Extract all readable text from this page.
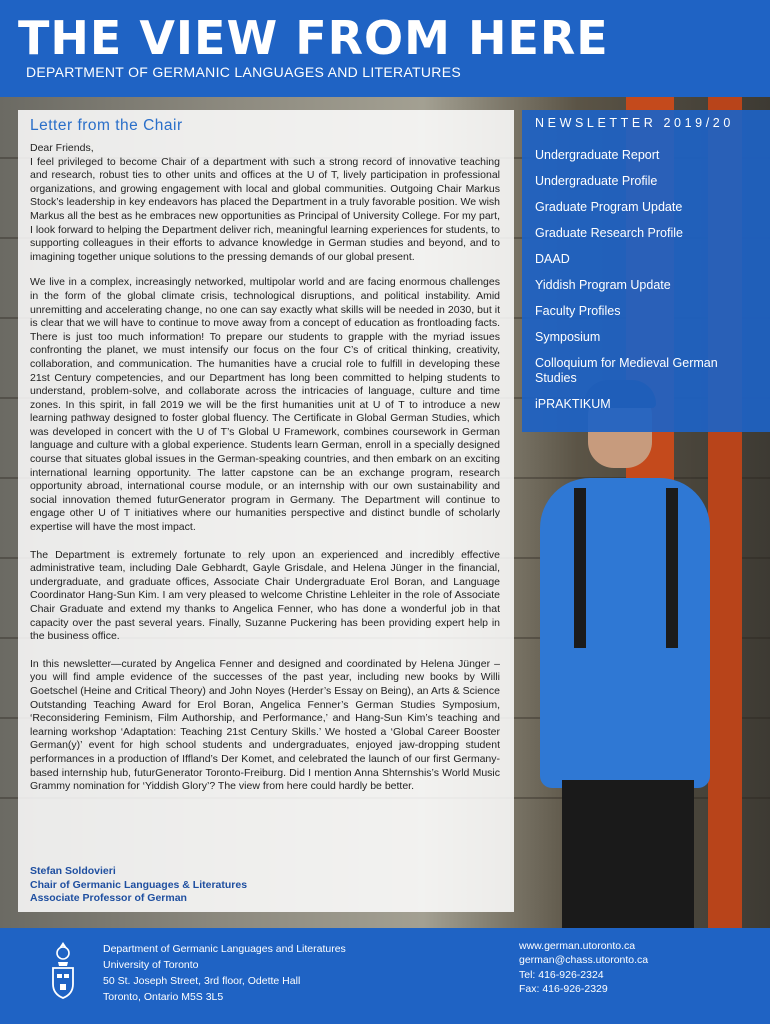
THE VIEW FROM HERE
DEPARTMENT OF GERMANIC LANGUAGES AND LITERATURES
Letter from the Chair

Dear Friends,
I feel privileged to become Chair of a department with such a strong record of innovative teaching and research, robust ties to other units and offices at the U of T, lively participation in professional organizations, and growing engagement with local and global communities. Outgoing Chair Markus Stock’s leadership in key endeavors has placed the Department in a truly favorable position. We wish Markus all the best as he embraces new opportunities as Principal of University College. For my part, I look forward to helping the Department deliver rich, meaningful learning experiences for students, to supporting colleagues in their efforts to advance knowledge in German studies and beyond, and to imagining together unique solutions to the pressing demands of our global present.

We live in a complex, increasingly networked, multipolar world and are facing enormous challenges in the form of the global climate crisis, technological disruptions, and political instability. Amid unremitting and accelerating change, no one can say exactly what skills will be needed in 2030, but it is clear that we will have to continue to move away from a concept of education as frontloading facts. There is just too much information! To prepare our students to grapple with the myriad issues confronting the planet, we must intensify our focus on the four C’s of critical thinking, creativity, collaboration, and communication. The humanities have a crucial role to fulfill in developing these 21st Century competencies, and our Department has long been committed to helping students to understand, problem-solve, and collaborate across the intricacies of language, culture and time zones. In this spirit, in fall 2019 we will be the first humanities unit at U of T to introduce a new learning pathway designed to foster global fluency. The Certificate in Global German Studies, which was developed in concert with the U of T’s Global U Framework, combines coursework in German language and culture with a global experience. Students learn German, enroll in a specially designed course that situates global issues in the German-speaking countries, and then embark on an exciting international learning opportunity. The latter capstone can be an exchange program, research opportunity abroad, international course module, or an internship with our own sustainability and social innovation themed futurGenerator program in Germany. The Department will continue to engage other U of T initiatives where our humanities perspective and distinct bundle of scholarly expertise will have the most impact.

The Department is extremely fortunate to rely upon an experienced and incredibly effective administrative team, including Dale Gebhardt, Gayle Grisdale, and Helena Jünger in the financial, undergraduate, and graduate offices, Associate Chair Undergraduate Erol Boran, and Language Coordinator Hang-Sun Kim. I am very pleased to welcome Christine Lehleiter in the role of Associate Chair Graduate and extend my thanks to Angelica Fenner, who has done a wonderful job in that capacity over the past several years. Finally, Suzanne Puckering has been providing expert help in the business office.

In this newsletter—curated by Angelica Fenner and designed and coordinated by Helena Jünger – you will find ample evidence of the successes of the past year, including new books by Willi Goetschel (Heine and Critical Theory) and John Noyes (Herder’s Essay on Being), an Arts & Science Outstanding Teaching Award for Erol Boran, Angelica Fenner’s German Studies Symposium, ‘Reconsidering Feminism, Film Authorship, and Performance,’ and Hang-Sun Kim’s teaching and learning workshop ‘Adaptation: Teaching 21st Century Skills.’ We hosted a ‘Global Career Booster German(y)’ event for high school students and undergraduates, enjoyed jaw-dropping student performances in a production of Iffland’s Der Komet, and celebrated the launch of our first Germany-based internship hub, futurGenerator Toronto-Freiburg. Did I mention Anna Shternshis’s World Music Grammy nomination for ‘Yiddish Glory’? The view from here could hardly be better.

Stefan Soldovieri
Chair of Germanic Languages & Literatures
Associate Professor of German
NEWSLETTER 2019/20
Undergraduate Report
Undergraduate Profile
Graduate Program Update
Graduate Research Profile
DAAD
Yiddish Program Update
Faculty Profiles
Symposium
Colloquium for Medieval German Studies
iPRAKTIKUM
Department of Germanic Languages and Literatures
University of Toronto
50 St. Joseph Street, 3rd floor, Odette Hall
Toronto, Ontario M5S 3L5
www.german.utoronto.ca
german@chass.utoronto.ca
Tel: 416-926-2324
Fax: 416-926-2329
